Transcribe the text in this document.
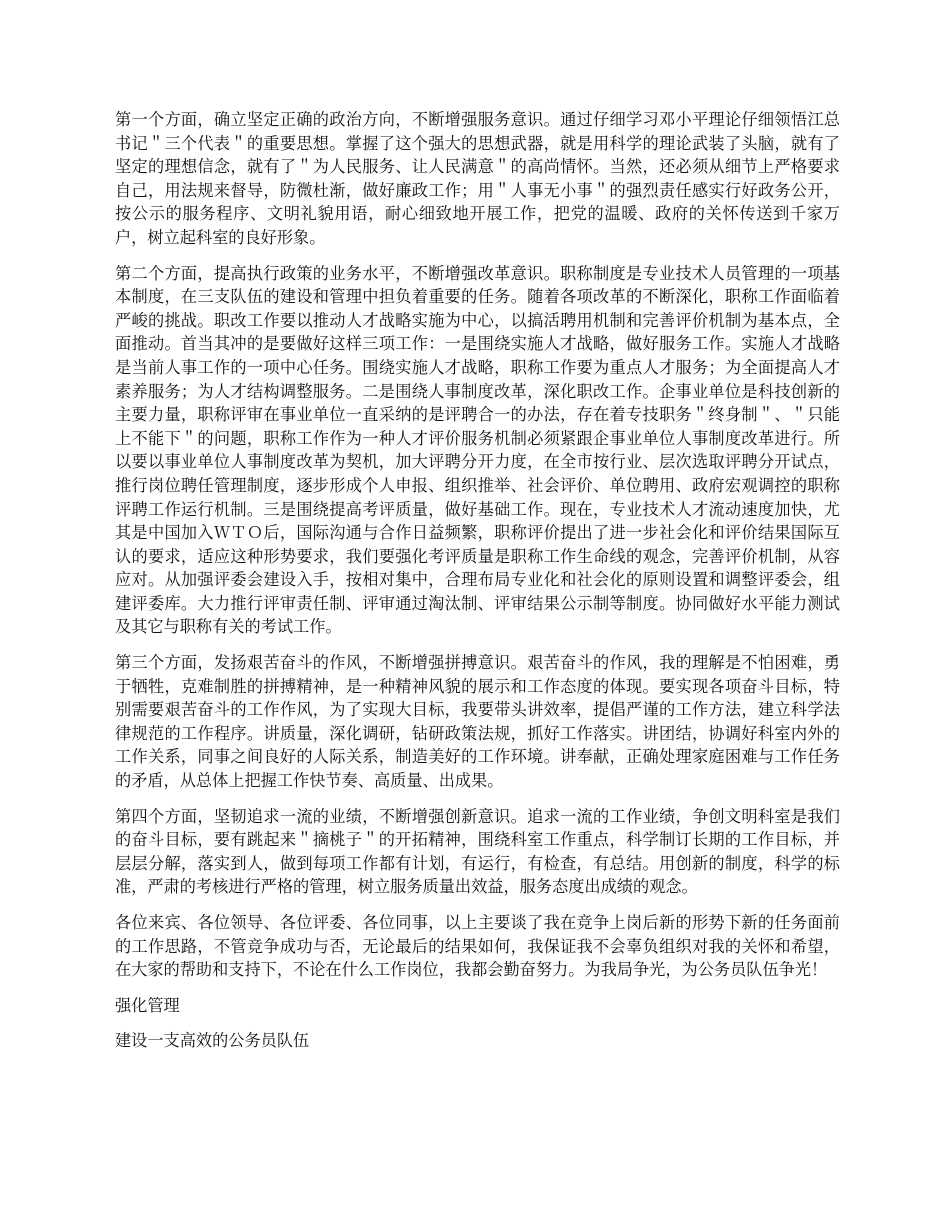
第一个方面，确立坚定正确的政治方向，不断增强服务意识。通过仔细学习邓小平理论仔细领悟江总书记＂三个代表＂的重要思想。掌握了这个强大的思想武器，就是用科学的理论武装了头脑，就有了坚定的理想信念，就有了＂为人民服务、让人民满意＂的高尚情怀。当然，还必须从细节上严格要求自己，用法规来督导，防微杜渐，做好廉政工作；用＂人事无小事＂的强烈责任感实行好政务公开，按公示的服务程序、文明礼貌用语，耐心细致地开展工作，把党的温暖、政府的关怀传送到千家万户，树立起科室的良好形象。

第二个方面，提高执行政策的业务水平，不断增强改革意识。职称制度是专业技术人员管理的一项基本制度，在三支队伍的建设和管理中担负着重要的任务。随着各项改革的不断深化，职称工作面临着严峻的挑战。职改工作要以推动人才战略实施为中心，以搞活聘用机制和完善评价机制为基本点，全面推动。首当其冲的是要做好这样三项工作：一是围绕实施人才战略，做好服务工作。实施人才战略是当前人事工作的一项中心任务。围绕实施人才战略，职称工作要为重点人才服务；为全面提高人才素养服务；为人才结构调整服务。二是围绕人事制度改革，深化职改工作。企事业单位是科技创新的主要力量，职称评审在事业单位一直采纳的是评聘合一的办法，存在着专技职务＂终身制＂、＂只能上不能下＂的问题，职称工作作为一种人才评价服务机制必须紧跟企事业单位人事制度改革进行。所以要以事业单位人事制度改革为契机，加大评聘分开力度，在全市按行业、层次选取评聘分开试点，推行岗位聘任管理制度，逐步形成个人申报、组织推举、社会评价、单位聘用、政府宏观调控的职称评聘工作运行机制。三是围绕提高考评质量，做好基础工作。现在，专业技术人才流动速度加快，尤其是中国加入ＷＴＯ后，国际沟通与合作日益频繁，职称评价提出了进一步社会化和评价结果国际互认的要求，适应这种形势要求，我们要强化考评质量是职称工作生命线的观念，完善评价机制，从容应对。从加强评委会建设入手，按相对集中，合理布局专业化和社会化的原则设置和调整评委会，组建评委库。大力推行评审责任制、评审通过淘汰制、评审结果公示制等制度。协同做好水平能力测试及其它与职称有关的考试工作。

第三个方面，发扬艰苦奋斗的作风，不断增强拼搏意识。艰苦奋斗的作风，我的理解是不怕困难，勇于牺牲，克难制胜的拼搏精神，是一种精神风貌的展示和工作态度的体现。要实现各项奋斗目标，特别需要艰苦奋斗的工作作风，为了实现大目标，我要带头讲效率，提倡严谨的工作方法，建立科学法律规范的工作程序。讲质量，深化调研，钻研政策法规，抓好工作落实。讲团结，协调好科室内外的工作关系，同事之间良好的人际关系，制造美好的工作环境。讲奉献，正确处理家庭困难与工作任务的矛盾，从总体上把握工作快节奏、高质量、出成果。

第四个方面，坚韧追求一流的业绩，不断增强创新意识。追求一流的工作业绩，争创文明科室是我们的奋斗目标，要有跳起来＂摘桃子＂的开拓精神，围绕科室工作重点，科学制订长期的工作目标，并层层分解，落实到人，做到每项工作都有计划，有运行，有检查，有总结。用创新的制度，科学的标准，严肃的考核进行严格的管理，树立服务质量出效益，服务态度出成绩的观念。

各位来宾、各位领导、各位评委、各位同事，以上主要谈了我在竞争上岗后新的形势下新的任务面前的工作思路，不管竞争成功与否，无论最后的结果如何，我保证我不会辜负组织对我的关怀和希望，在大家的帮助和支持下，不论在什么工作岗位，我都会勤奋努力。为我局争光，为公务员队伍争光！

强化管理

建设一支高效的公务员队伍
